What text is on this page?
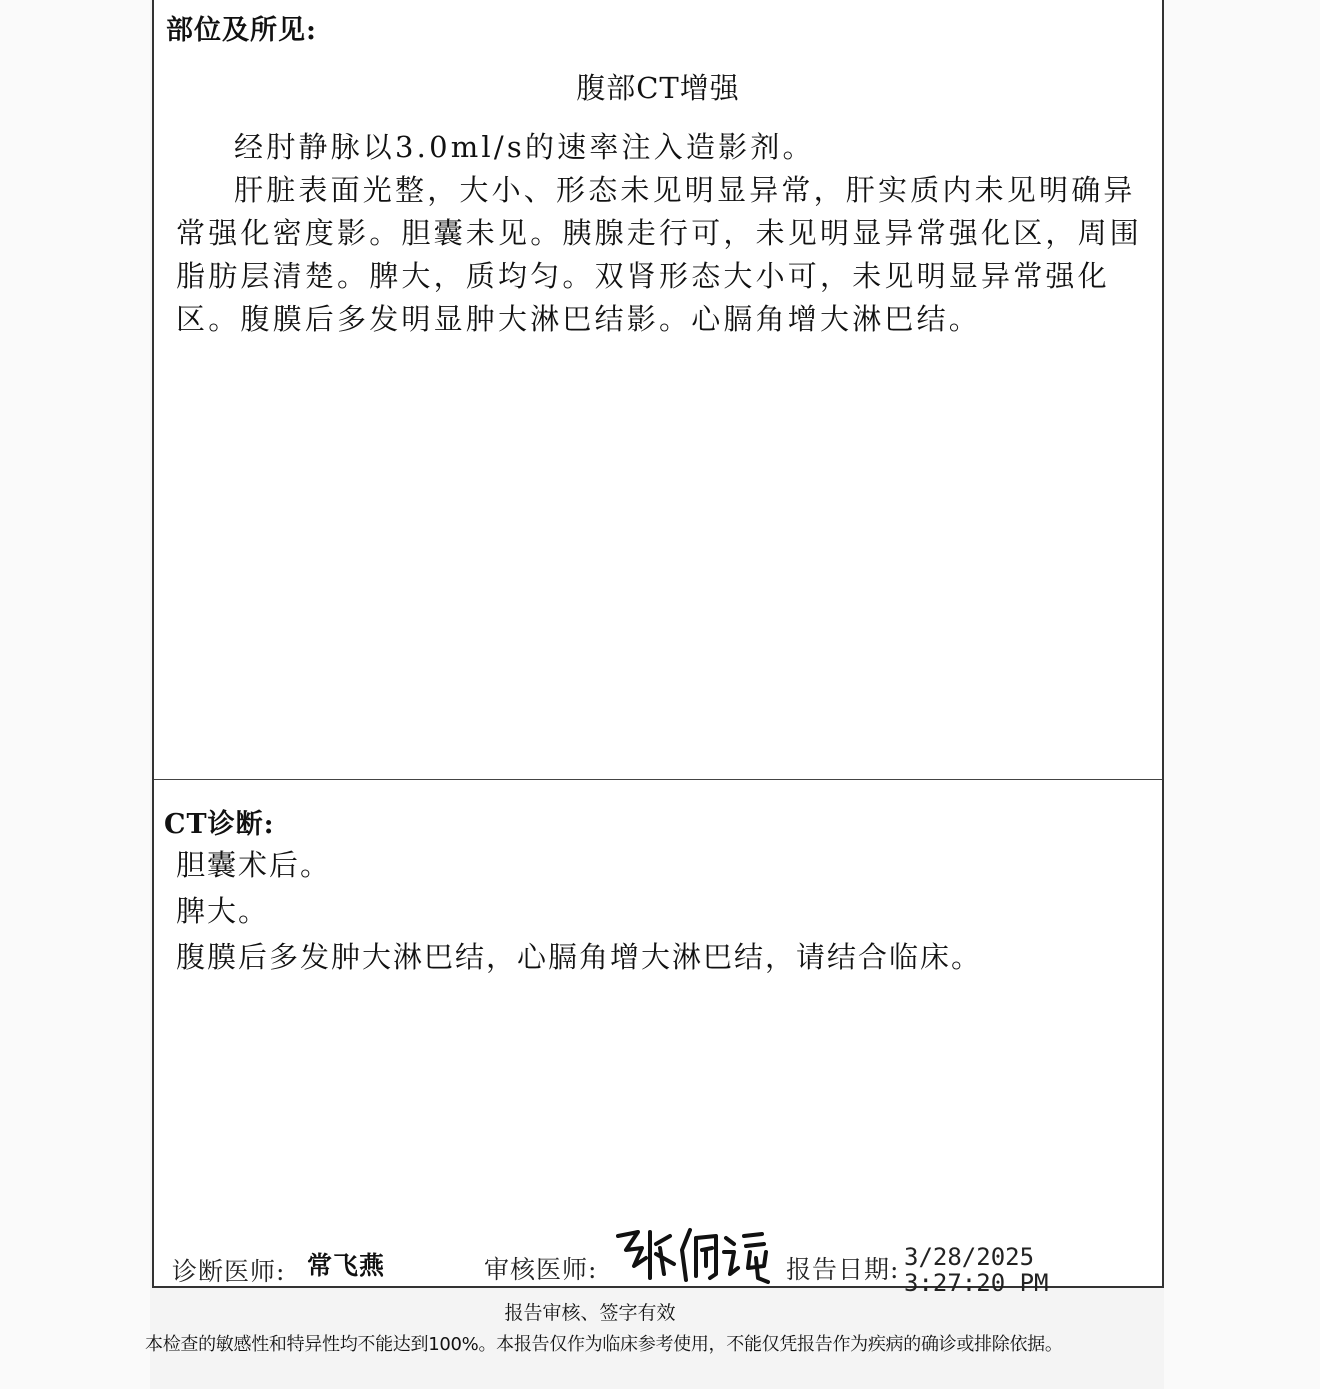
部位及所见:
腹部CT增强

经肘静脉以3.0ml/s的速率注入造影剂。

肝脏表面光整，大小、形态未见明显异常，肝实质内未见明确异常强化密度影。胆囊未见。胰腺走行可，未见明显异常强化区，周围脂肪层清楚。脾大，质均匀。双肾形态大小可，未见明显异常强化区。腹膜后多发明显肿大淋巴结影。心膈角增大淋巴结。

CT诊断:
胆囊术后。
脾大。
腹膜后多发肿大淋巴结，心膈角增大淋巴结，请结合临床。
诊断医师: 常飞燕	审核医师:	报告日期: 3/28/2025 3:27:20 PM
报告审核、签字有效
本检查的敏感性和特异性均不能达到100%。本报告仅作为临床参考使用，不能仅凭报告作为疾病的确诊或排除依据。
